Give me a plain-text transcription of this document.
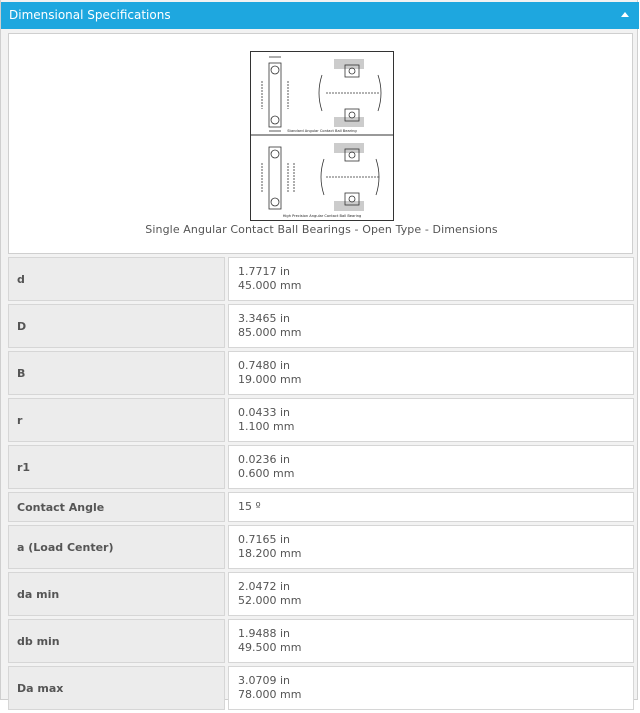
Dimensional Specifications
Standard Angular Contact Ball Bearing
High Precision Angular Contact Ball Bearing
Single Angular Contact Ball Bearings - Open Type - Dimensions
d
1.7717 in
45.000 mm
D
3.3465 in
85.000 mm
B
0.7480 in
19.000 mm
r
0.0433 in
1.100 mm
r1
0.0236 in
0.600 mm
Contact Angle	15 º
a (Load Center)
0.7165 in
18.200 mm
da min
2.0472 in
52.000 mm
db min
1.9488 in
49.500 mm
Da max
3.0709 in
78.000 mm
